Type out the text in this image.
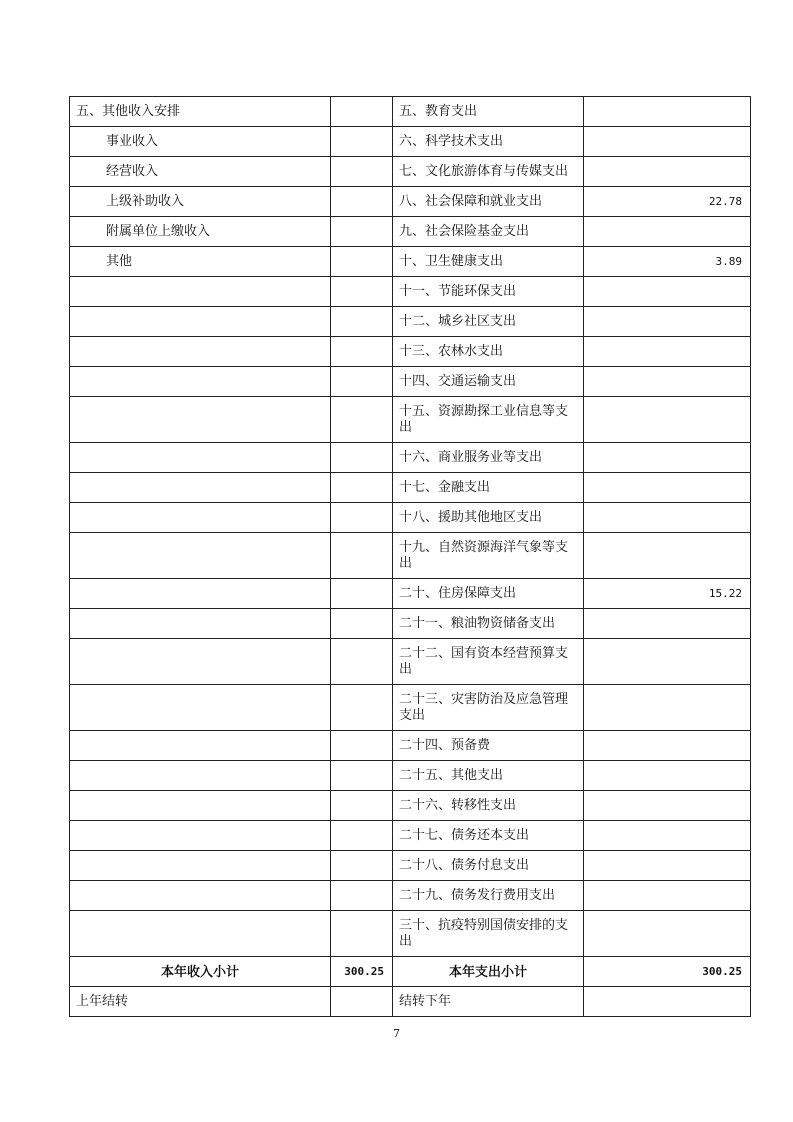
五、其他收入安排		五、教育支出	
事业收入		六、科学技术支出	
经营收入		七、文化旅游体育与传媒支出	
上级补助收入		八、社会保障和就业支出	22.78
附属单位上缴收入		九、社会保险基金支出	
其他		十、卫生健康支出	3.89
		十一、节能环保支出	
		十二、城乡社区支出	
		十三、农林水支出	
		十四、交通运输支出	
		十五、资源勘探工业信息等支出	
		十六、商业服务业等支出	
		十七、金融支出	
		十八、援助其他地区支出	
		十九、自然资源海洋气象等支出	
		二十、住房保障支出	15.22
		二十一、粮油物资储备支出	
		二十二、国有资本经营预算支出	
		二十三、灾害防治及应急管理支出	
		二十四、预备费	
		二十五、其他支出	
		二十六、转移性支出	
		二十七、债务还本支出	
		二十八、债务付息支出	
		二十九、债务发行费用支出	
		三十、抗疫特别国债安排的支出	
本年收入小计	300.25	本年支出小计	300.25
上年结转		结转下年	
7
